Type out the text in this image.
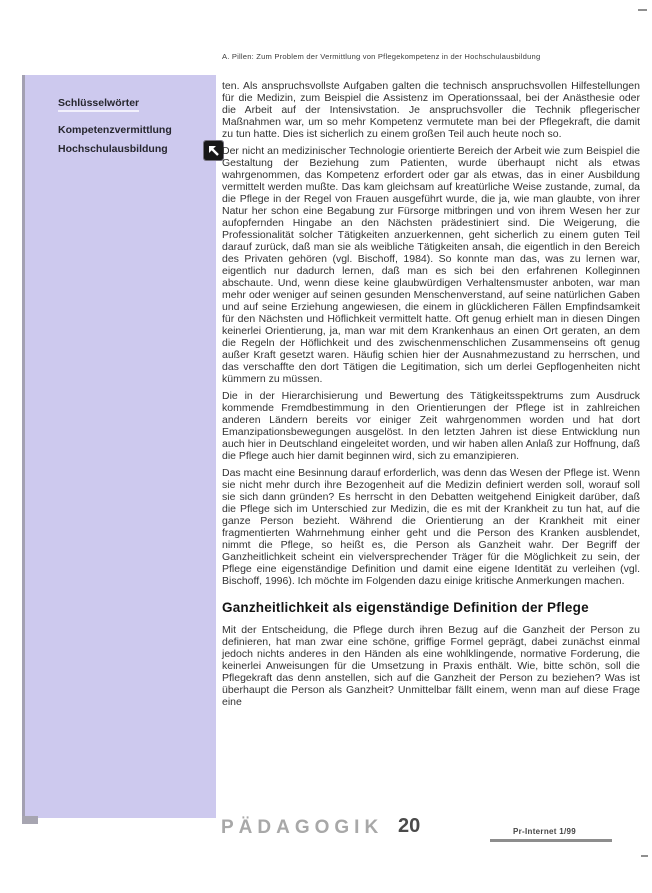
A. Pillen: Zum Problem der Vermittlung von Pflegekompetenz in der Hochschulausbildung
Schlüsselwörter
Kompetenzvermittlung
Hochschulausbildung

ten. Als anspruchsvollste Aufgaben galten die technisch anspruchsvollen Hilfestellungen für die Medizin, zum Beispiel die Assistenz im Operationssaal, bei der Anästhesie oder die Arbeit auf der Intensivstation. Je anspruchsvoller die Technik pflegerischer Maßnahmen war, um so mehr Kompetenz vermutete man bei der Pflegekraft, die damit zu tun hatte. Dies ist sicherlich zu einem großen Teil auch heute noch so.

Der nicht an medizinischer Technologie orientierte Bereich der Arbeit wie zum Beispiel die Gestaltung der Beziehung zum Patienten, wurde überhaupt nicht als etwas wahrgenommen, das Kompetenz erfordert oder gar als etwas, das in einer Ausbildung vermittelt werden mußte. Das kam gleichsam auf kreatürliche Weise zustande, zumal, da die Pflege in der Regel von Frauen ausgeführt wurde, die ja, wie man glaubte, von ihrer Natur her schon eine Begabung zur Fürsorge mitbringen und von ihrem Wesen her zur aufopfernden Hingabe an den Nächsten prädestiniert sind. Die Weigerung, die Professionalität solcher Tätigkeiten anzuerkennen, geht sicherlich zu einem guten Teil darauf zurück, daß man sie als weibliche Tätigkeiten ansah, die eigentlich in den Bereich des Privaten gehören (vgl. Bischoff, 1984). So konnte man das, was zu lernen war, eigentlich nur dadurch lernen, daß man es sich bei den erfahrenen Kolleginnen abschaute. Und, wenn diese keine glaubwürdigen Verhaltensmuster anboten, war man mehr oder weniger auf seinen gesunden Menschenverstand, auf seine natürlichen Gaben und auf seine Erziehung angewiesen, die einem in glücklicheren Fällen Empfindsamkeit für den Nächsten und Höflichkeit vermittelt hatte. Oft genug erhielt man in diesen Dingen keinerlei Orientierung, ja, man war mit dem Krankenhaus an einen Ort geraten, an dem die Regeln der Höflichkeit und des zwischenmenschlichen Zusammenseins oft genug außer Kraft gesetzt waren. Häufig schien hier der Ausnahmezustand zu herrschen, und das verschaffte den dort Tätigen die Legitimation, sich um derlei Gepflogenheiten nicht kümmern zu müssen.

Die in der Hierarchisierung und Bewertung des Tätigkeitsspektrums zum Ausdruck kommende Fremdbestimmung in den Orientierungen der Pflege ist in zahlreichen anderen Ländern bereits vor einiger Zeit wahrgenommen worden und hat dort Emanzipationsbewegungen ausgelöst. In den letzten Jahren ist diese Entwicklung nun auch hier in Deutschland eingeleitet worden, und wir haben allen Anlaß zur Hoffnung, daß die Pflege auch hier damit beginnen wird, sich zu emanzipieren.

Das macht eine Besinnung darauf erforderlich, was denn das Wesen der Pflege ist. Wenn sie nicht mehr durch ihre Bezogenheit auf die Medizin definiert werden soll, worauf soll sie sich dann gründen? Es herrscht in den Debatten weitgehend Einigkeit darüber, daß die Pflege sich im Unterschied zur Medizin, die es mit der Krankheit zu tun hat, auf die ganze Person bezieht. Während die Orientierung an der Krankheit mit einer fragmentierten Wahrnehmung einher geht und die Person des Kranken ausblendet, nimmt die Pflege, so heißt es, die Person als Ganzheit wahr. Der Begriff der Ganzheitlichkeit scheint ein vielversprechender Träger für die Möglichkeit zu sein, der Pflege eine eigenständige Definition und damit eine eigene Identität zu verleihen (vgl. Bischoff, 1996). Ich möchte im Folgenden dazu einige kritische Anmerkungen machen.

Ganzheitlichkeit als eigenständige Definition der Pflege

Mit der Entscheidung, die Pflege durch ihren Bezug auf die Ganzheit der Person zu definieren, hat man zwar eine schöne, griffige Formel geprägt, dabei zunächst einmal jedoch nichts anderes in den Händen als eine wohlklingende, normative Forderung, die keinerlei Anweisungen für die Umsetzung in Praxis enthält. Wie, bitte schön, soll die Pflegekraft das denn anstellen, sich auf die Ganzheit der Person zu beziehen? Was ist überhaupt die Person als Ganzheit? Unmittelbar fällt einem, wenn man auf diese Frage eine

PÄDAGOGIK 20	Pr-Internet 1/99
